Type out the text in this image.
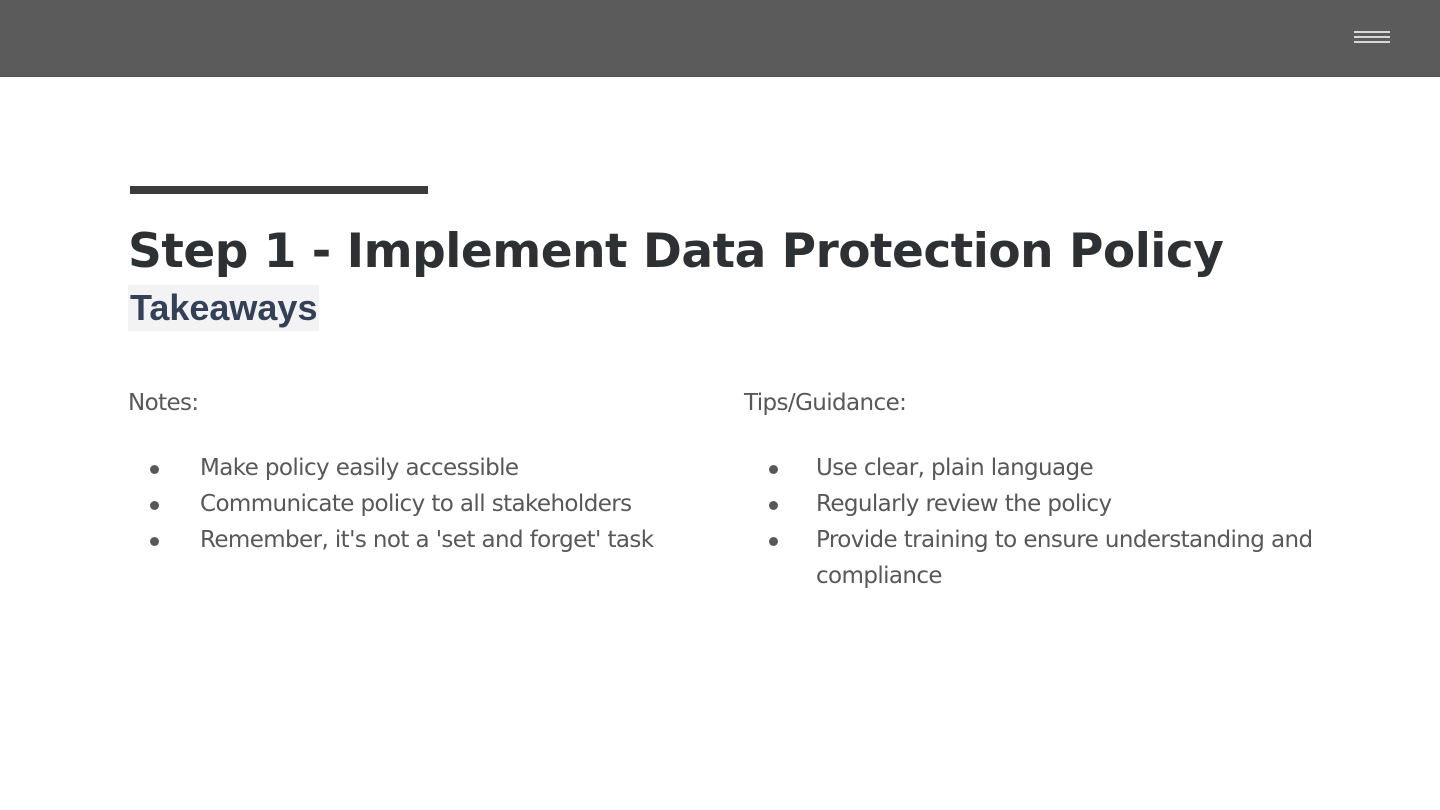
Step 1 - Implement Data Protection Policy
Takeaways

Notes:

Make policy easily accessible
Communicate policy to all stakeholders
Remember, it's not a 'set and forget' task

Tips/Guidance:

Use clear, plain language
Regularly review the policy
Provide training to ensure understanding and compliance
